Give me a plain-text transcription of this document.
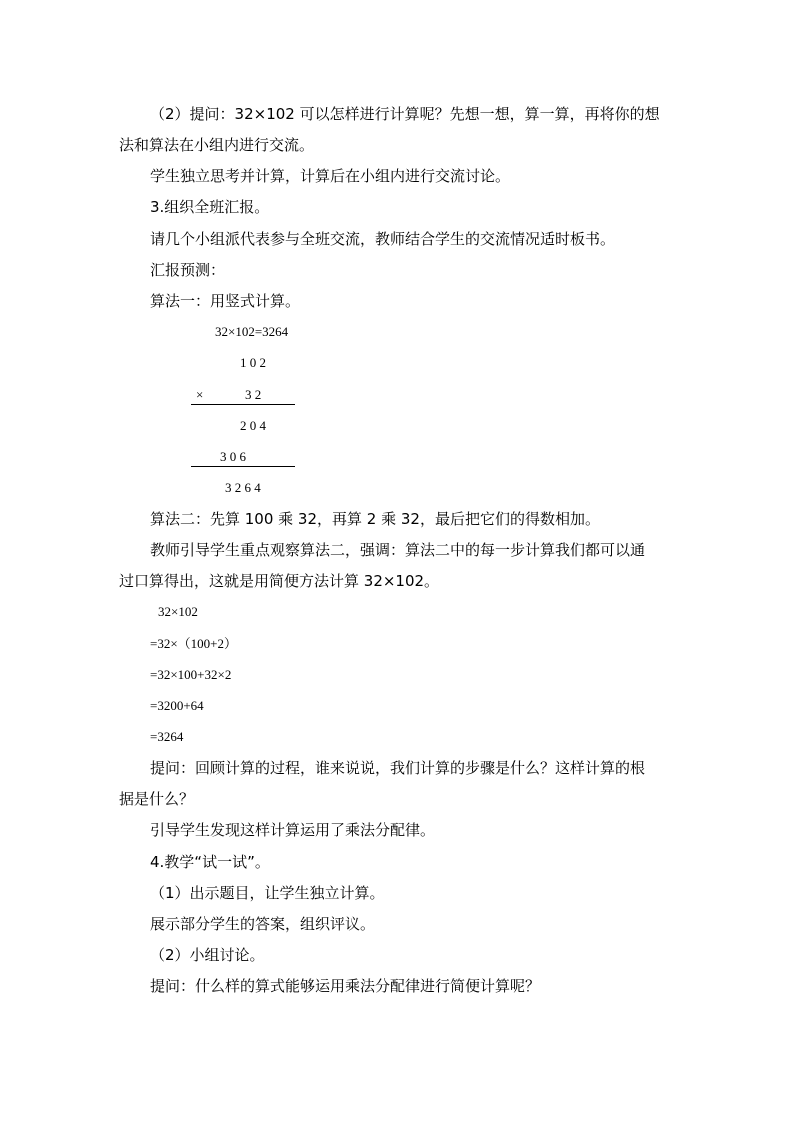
（2）提问：32×102 可以怎样进行计算呢？先想一想，算一算，再将你的想
法和算法在小组内进行交流。
学生独立思考并计算，计算后在小组内进行交流讨论。
3.组织全班汇报。
请几个小组派代表参与全班交流，教师结合学生的交流情况适时板书。
汇报预测：
算法一：用竖式计算。
32×102=3264
1 0 2
×	3 2
2 0 4
3 0 6
3 2 6 4
算法二：先算 100 乘 32，再算 2 乘 32，最后把它们的得数相加。
教师引导学生重点观察算法二，强调：算法二中的每一步计算我们都可以通
过口算得出，这就是用简便方法计算 32×102。
32×102
=32×（100+2）
=32×100+32×2
=3200+64
=3264
提问：回顾计算的过程，谁来说说，我们计算的步骤是什么？这样计算的根
据是什么？
引导学生发现这样计算运用了乘法分配律。
4.教学“试一试”。
（1）出示题目，让学生独立计算。
展示部分学生的答案，组织评议。
（2）小组讨论。
提问：什么样的算式能够运用乘法分配律进行简便计算呢？
